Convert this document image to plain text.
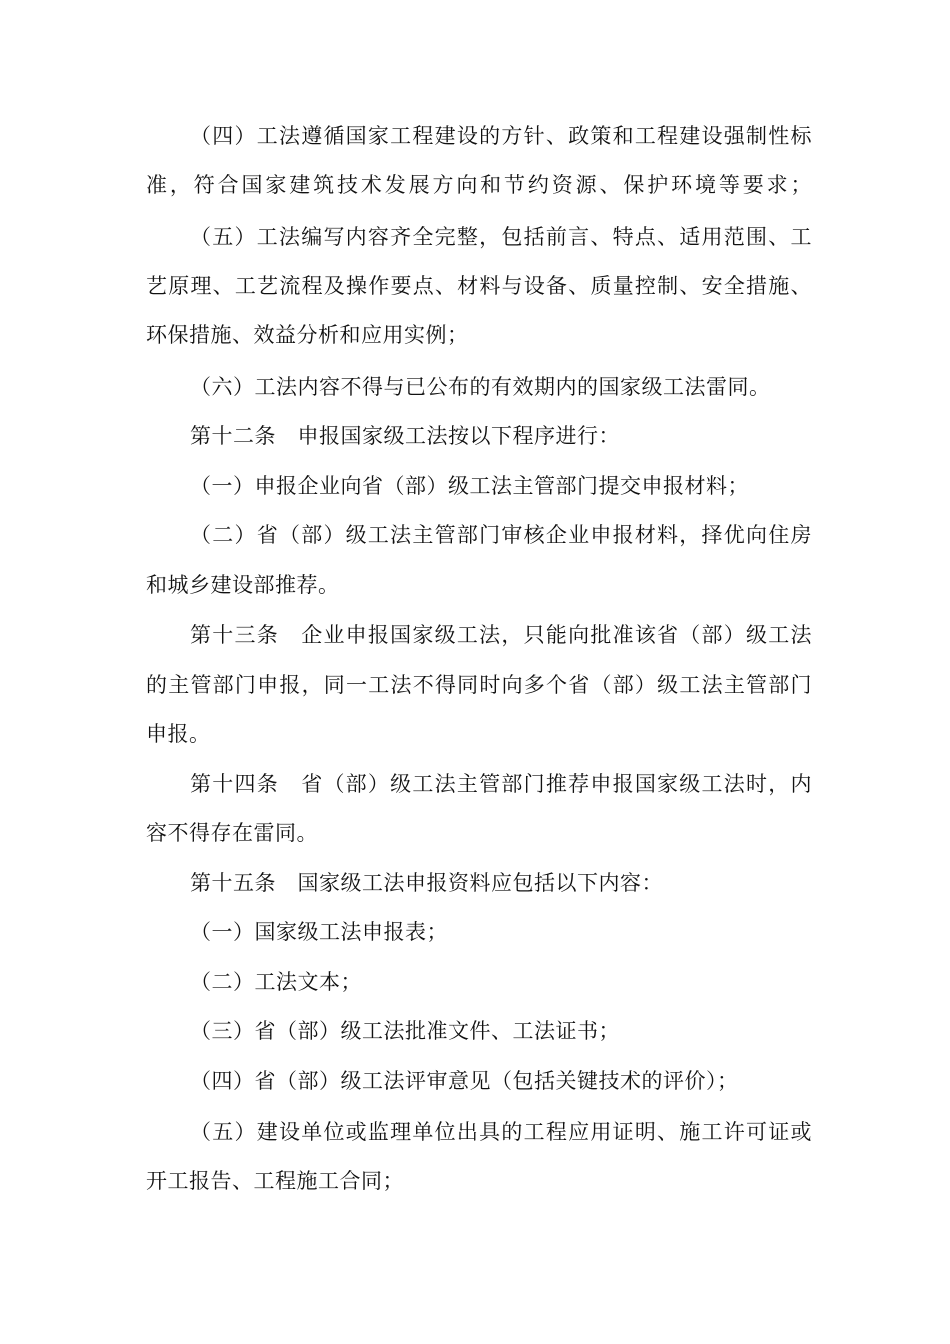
（四）工法遵循国家工程建设的方针、政策和工程建设强制性标
准，符合国家建筑技术发展方向和节约资源、保护环境等要求；
（五）工法编写内容齐全完整，包括前言、特点、适用范围、工
艺原理、工艺流程及操作要点、材料与设备、质量控制、安全措施、
环保措施、效益分析和应用实例；
（六）工法内容不得与已公布的有效期内的国家级工法雷同。
第十二条　申报国家级工法按以下程序进行：
（一）申报企业向省（部）级工法主管部门提交申报材料；
（二）省（部）级工法主管部门审核企业申报材料，择优向住房
和城乡建设部推荐。
第十三条　企业申报国家级工法，只能向批准该省（部）级工法
的主管部门申报，同一工法不得同时向多个省（部）级工法主管部门
申报。
第十四条　省（部）级工法主管部门推荐申报国家级工法时，内
容不得存在雷同。
第十五条　国家级工法申报资料应包括以下内容：
（一）国家级工法申报表；
（二）工法文本；
（三）省（部）级工法批准文件、工法证书；
（四）省（部）级工法评审意见（包括关键技术的评价）；
（五）建设单位或监理单位出具的工程应用证明、施工许可证或
开工报告、工程施工合同；
